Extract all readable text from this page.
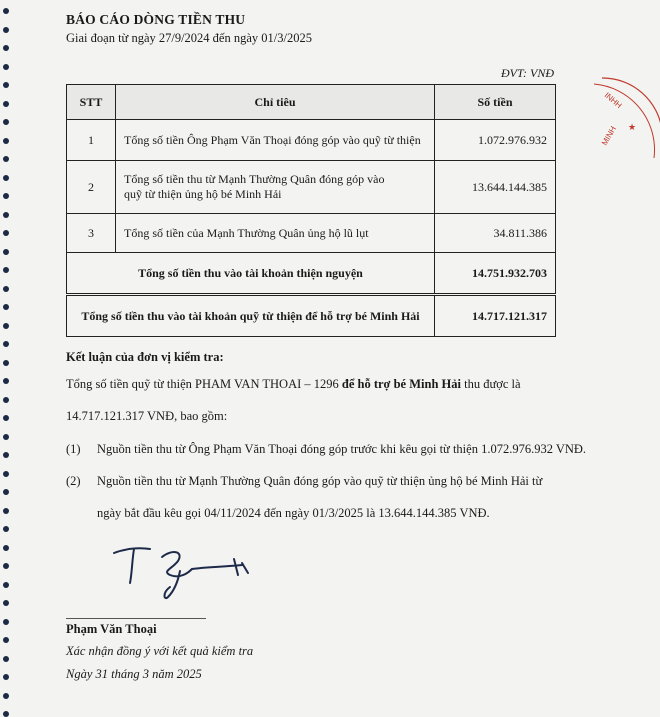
BÁO CÁO DÒNG TIỀN THU
Giai đoạn từ ngày 27/9/2024 đến ngày 01/3/2025
ĐVT: VNĐ
STT	Chỉ tiêu	Số tiền
1	Tổng số tiền Ông Phạm Văn Thoại đóng góp vào quỹ từ thiện	1.072.976.932
2	Tổng số tiền thu từ Mạnh Thường Quân đóng góp vào
quỹ từ thiện ủng hộ bé Minh Hải	13.644.144.385
3	Tổng số tiền của Mạnh Thường Quân ủng hộ lũ lụt	34.811.386
Tổng số tiền thu vào tài khoản thiện nguyện		14.751.932.703
Tổng số tiền thu vào tài khoản quỹ từ thiện để hỗ trợ bé Minh Hải		14.717.121.317
INHH
★
MINH
Kết luận của đơn vị kiểm tra:
Tổng số tiền quỹ từ thiện PHAM VAN THOAI – 1296 để hỗ trợ bé Minh Hải thu được là
14.717.121.317 VNĐ, bao gồm:
(1) Nguồn tiền thu từ Ông Phạm Văn Thoại đóng góp trước khi kêu gọi từ thiện 1.072.976.932 VNĐ.
(2) Nguồn tiền thu từ Mạnh Thường Quân đóng góp vào quỹ từ thiện ủng hộ bé Minh Hải từ
ngày bắt đầu kêu gọi 04/11/2024 đến ngày 01/3/2025 là 13.644.144.385 VNĐ.
Phạm Văn Thoại
Xác nhận đồng ý với kết quả kiểm tra
Ngày 31 tháng 3 năm 2025
